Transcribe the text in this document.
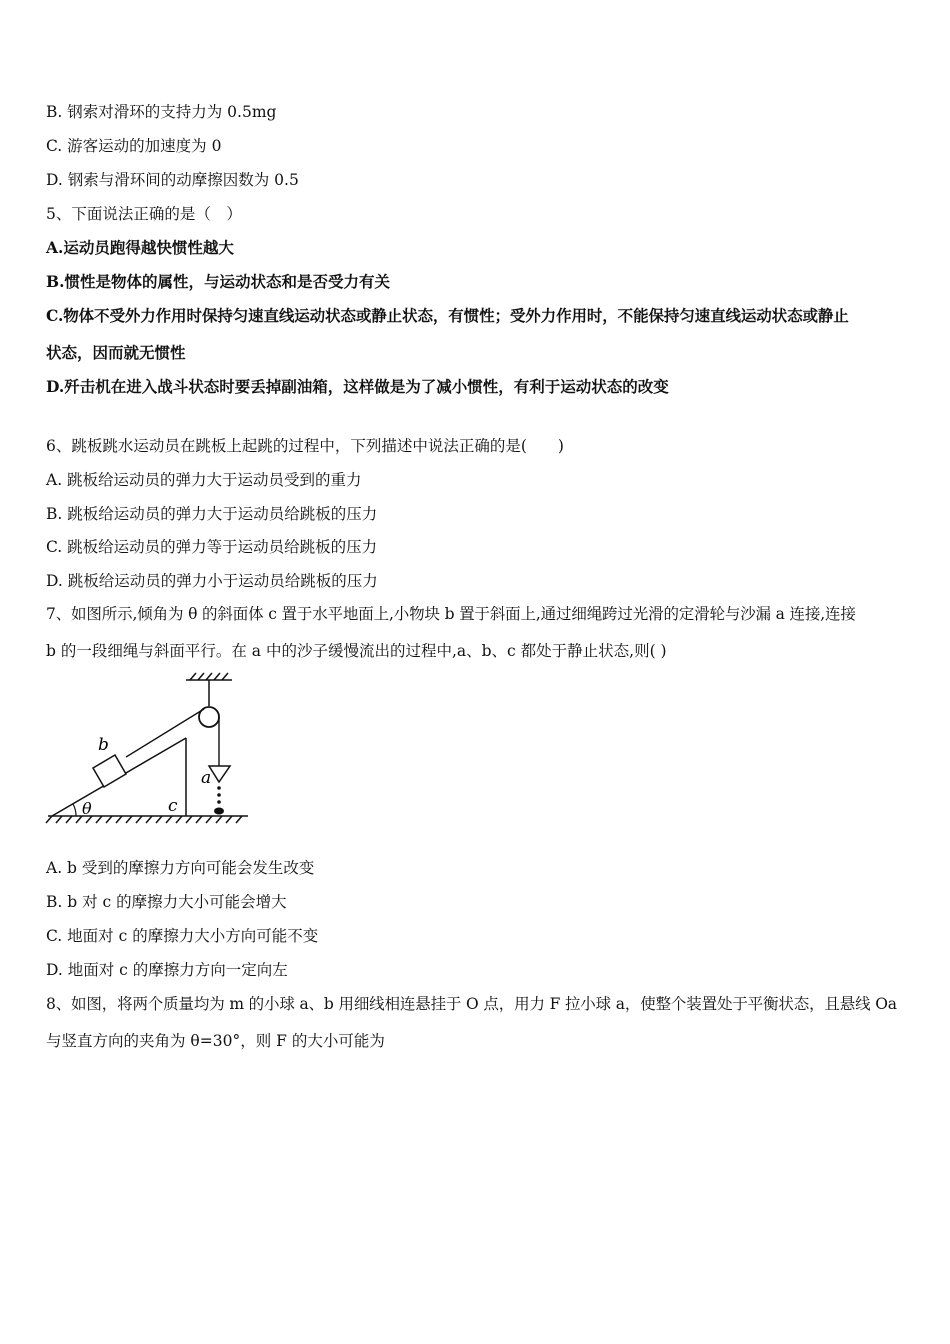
B. 钢索对滑环的支持力为 0.5mg
C. 游客运动的加速度为 0
D. 钢索与滑环间的动摩擦因数为 0.5
5、下面说法正确的是（　）
A.运动员跑得越快惯性越大
B.惯性是物体的属性，与运动状态和是否受力有关
C.物体不受外力作用时保持匀速直线运动状态或静止状态，有惯性；受外力作用时，不能保持匀速直线运动状态或静止
状态，因而就无惯性
D.歼击机在进入战斗状态时要丢掉副油箱，这样做是为了减小惯性，有利于运动状态的改变
6、跳板跳水运动员在跳板上起跳的过程中，下列描述中说法正确的是(　　)
A. 跳板给运动员的弹力大于运动员受到的重力
B. 跳板给运动员的弹力大于运动员给跳板的压力
C. 跳板给运动员的弹力等于运动员给跳板的压力
D. 跳板给运动员的弹力小于运动员给跳板的压力
7、如图所示,倾角为 θ 的斜面体 c 置于水平地面上,小物块 b 置于斜面上,通过细绳跨过光滑的定滑轮与沙漏 a 连接,连接
b 的一段细绳与斜面平行。在 a 中的沙子缓慢流出的过程中,a、b、c 都处于静止状态,则( )
b
a
c
θ
A. b 受到的摩擦力方向可能会发生改变
B. b 对 c 的摩擦力大小可能会增大
C. 地面对 c 的摩擦力大小方向可能不变
D. 地面对 c 的摩擦力方向一定向左
8、如图，将两个质量均为 m 的小球 a、b 用细线相连悬挂于 O 点，用力 F 拉小球 a，使整个装置处于平衡状态，且悬线 Oa
与竖直方向的夹角为 θ=30°，则 F 的大小可能为
